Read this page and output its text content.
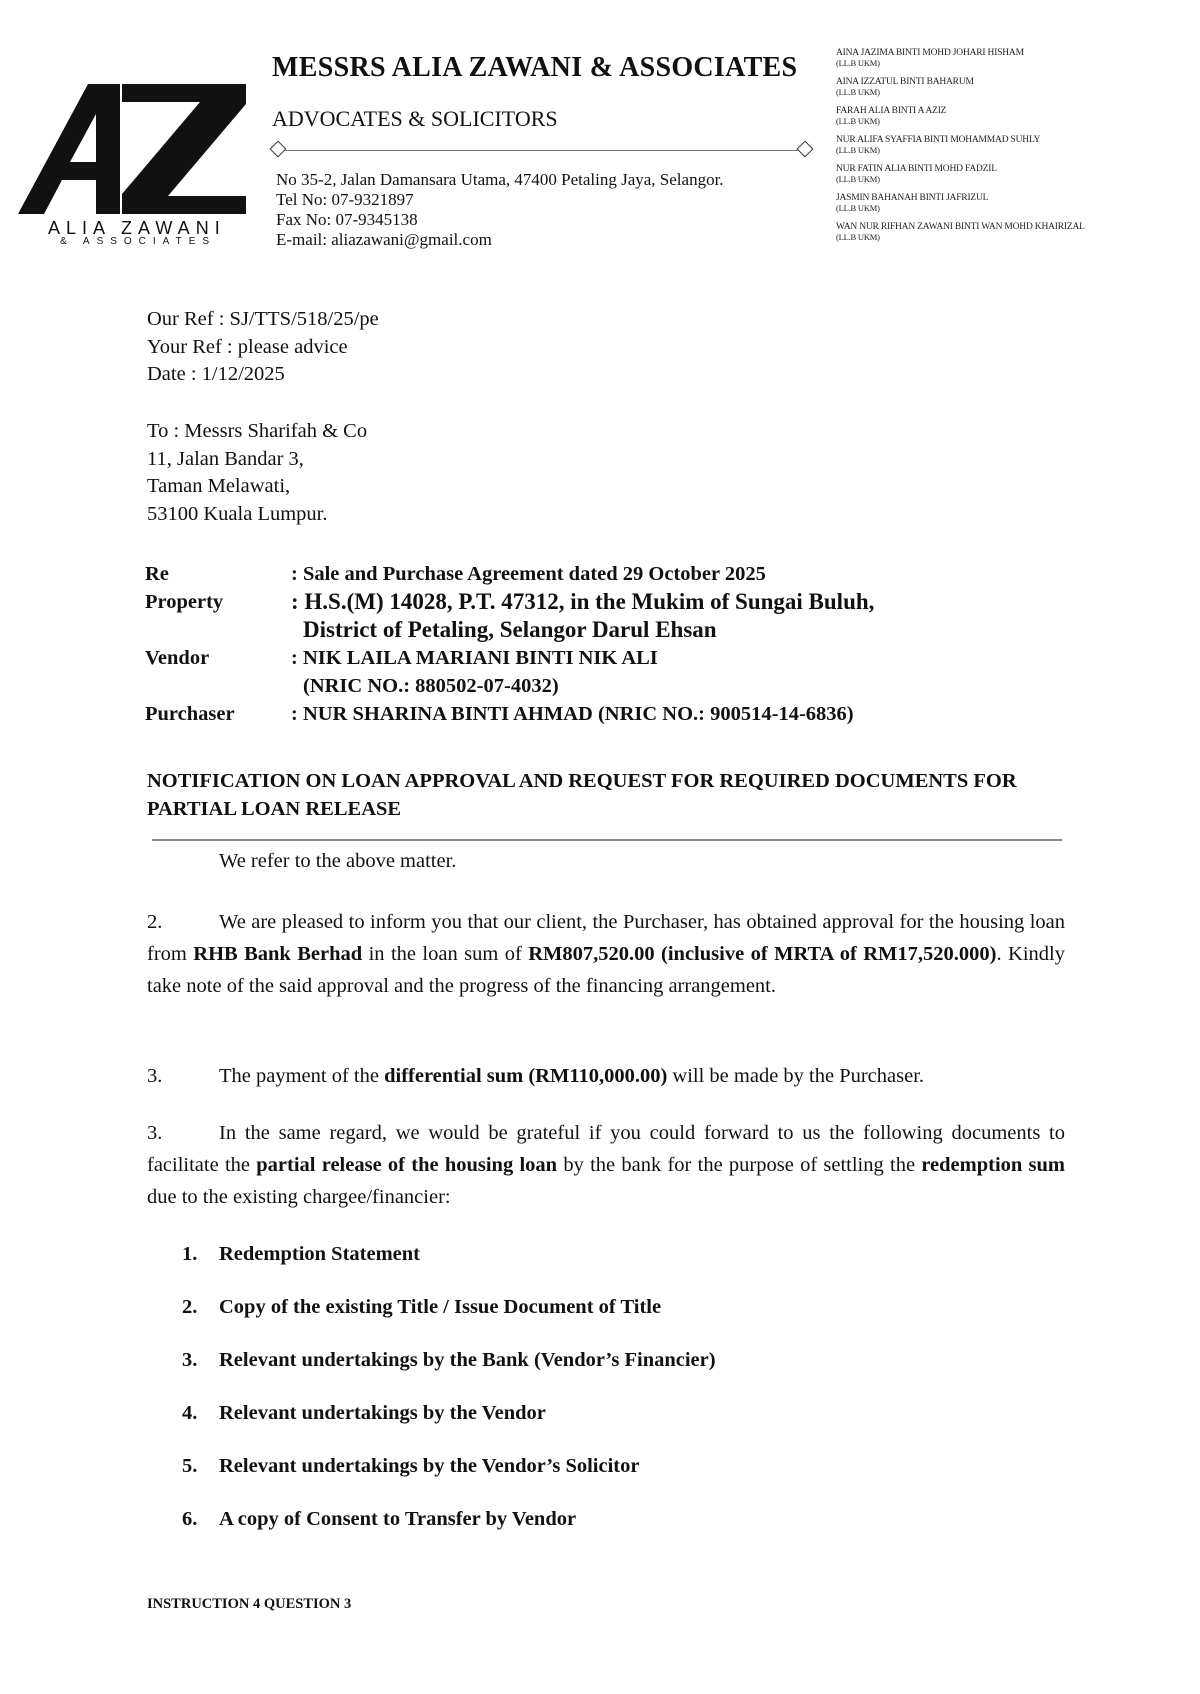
ALIA ZAWANI
& ASSOCIATES
MESSRS ALIA ZAWANI & ASSOCIATES
ADVOCATES & SOLICITORS
No 35-2, Jalan Damansara Utama, 47400 Petaling Jaya, Selangor.
Tel No: 07-9321897
Fax No: 07-9345138
E-mail: aliazawani@gmail.com
AINA JAZIMA BINTI MOHD JOHARI HISHAM
(LL.B UKM)
AINA IZZATUL BINTI BAHARUM
(LL.B UKM)
FARAH ALIA BINTI A AZIZ
(LL.B UKM)
NUR ALIFA SYAFFIA BINTI MOHAMMAD SUHLY
(LL.B UKM)
NUR FATIN ALIA BINTI MOHD FADZIL
(LL.B UKM)
JASMIN BAHANAH BINTI JAFRIZUL
(LL.B UKM)
WAN NUR RIFHAN ZAWANI BINTI WAN MOHD KHAIRIZAL
(LL.B UKM)
Our Ref : SJ/TTS/518/25/pe
Your Ref : please advice
Date : 1/12/2025
To : Messrs Sharifah & Co
11, Jalan Bandar 3,
Taman Melawati,
53100 Kuala Lumpur.
Re	: Sale and Purchase Agreement dated 29 October 2025
Property	: H.S.(M) 14028, P.T. 47312, in the Mukim of Sungai Buluh,
District of Petaling, Selangor Darul Ehsan

Vendor	: NIK LAILA MARIANI BINTI NIK ALI
(NRIC NO.: 880502-07-4032)

Purchaser	: NUR SHARINA BINTI AHMAD (NRIC NO.: 900514-14-6836)
NOTIFICATION ON LOAN APPROVAL AND REQUEST FOR REQUIRED DOCUMENTS FOR PARTIAL LOAN RELEASE
We refer to the above matter.
2.	We are pleased to inform you that our client, the Purchaser, has obtained approval for the housing loan from RHB Bank Berhad in the loan sum of RM807,520.00 (inclusive of MRTA of RM17,520.000). Kindly take note of the said approval and the progress of the financing arrangement.
3.	The payment of the differential sum (RM110,000.00) will be made by the Purchaser.
3.	In the same regard, we would be grateful if you could forward to us the following documents to facilitate the partial release of the housing loan by the bank for the purpose of settling the redemption sum due to the existing chargee/financier:
1. Redemption Statement
2. Copy of the existing Title / Issue Document of Title
3. Relevant undertakings by the Bank (Vendor’s Financier)
4. Relevant undertakings by the Vendor
5. Relevant undertakings by the Vendor’s Solicitor
6. A copy of Consent to Transfer by Vendor
INSTRUCTION 4 QUESTION 3
